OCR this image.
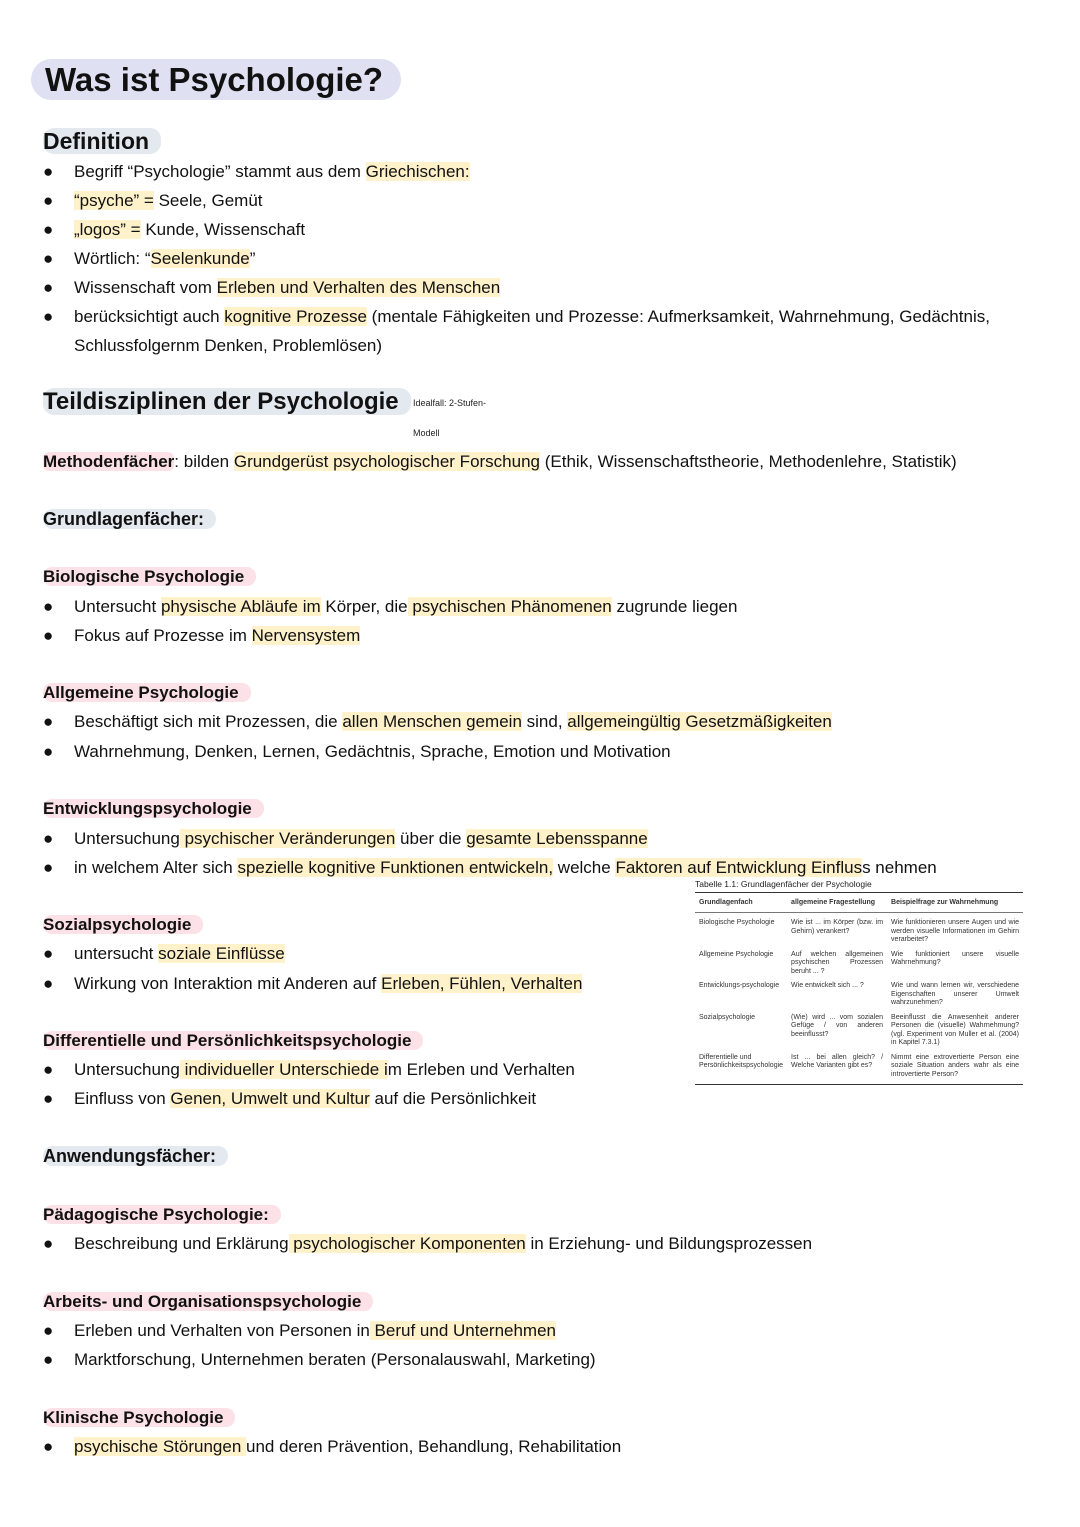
Was ist Psychologie?
Definition
●	Begriff “Psychologie” stammt aus dem Griechischen:
●	“psyche” = Seele, Gemüt
●	„logos” = Kunde, Wissenschaft
●	Wörtlich: “Seelenkunde”
●	Wissenschaft vom Erleben und Verhalten des Menschen
●	berücksichtigt auch kognitive Prozesse (mentale Fähigkeiten und Prozesse: Aufmerksamkeit, Wahrnehmung, Gedächtnis,
Schlussfolgernm Denken, Problemlösen)
Teildisziplinen der Psychologie	Idealfall: 2-Stufen-
Modell
Methodenfächer: bilden Grundgerüst psychologischer Forschung (Ethik, Wissenschaftstheorie, Methodenlehre, Statistik)
Grundlagenfächer:
Biologische Psychologie
●	Untersucht physische Abläufe im Körper, die psychischen Phänomenen zugrunde liegen
●	Fokus auf Prozesse im Nervensystem
Allgemeine Psychologie
●	Beschäftigt sich mit Prozessen, die allen Menschen gemein sind, allgemeingültig Gesetzmäßigkeiten
●	Wahrnehmung, Denken, Lernen, Gedächtnis, Sprache, Emotion und Motivation
Entwicklungspsychologie
●	Untersuchung psychischer Veränderungen über die gesamte Lebensspanne
●	in welchem Alter sich spezielle kognitive Funktionen entwickeln, welche Faktoren auf Entwicklung Einfluss nehmen
Sozialpsychologie
●	untersucht soziale Einflüsse
●	Wirkung von Interaktion mit Anderen auf Erleben, Fühlen, Verhalten
Differentielle und Persönlichkeitspsychologie
●	Untersuchung individueller Unterschiede im Erleben und Verhalten
●	Einfluss von Genen, Umwelt und Kultur auf die Persönlichkeit
Anwendungsfächer:
Pädagogische Psychologie:
●	Beschreibung und Erklärung psychologischer Komponenten in Erziehung- und Bildungsprozessen
Arbeits- und Organisationspsychologie
●	Erleben und Verhalten von Personen in Beruf und Unternehmen
●	Marktforschung, Unternehmen beraten (Personalauswahl, Marketing)
Klinische Psychologie
●	psychische Störungen und deren Prävention, Behandlung, Rehabilitation
Tabelle 1.1: Grundlagenfächer der Psychologie
Grundlagenfach	allgemeine Fragestellung	Beispielfrage zur Wahrnehmung
Biologische Psychologie	Wie ist ... im Körper (bzw. im Gehirn) verankert?	Wie funktionieren unsere Augen und wie werden visuelle Informationen im Gehirn verarbeitet?
Allgemeine Psychologie	Auf welchen allgemeinen psychischen Prozessen beruht ... ?	Wie funktioniert unsere visuelle Wahrnehmung?
Entwicklungs-psychologie	Wie entwickelt sich ... ?	Wie und wann lernen wir, verschiedene Eigenschaften unserer Umwelt wahrzunehmen?
Sozialpsychologie	(Wie) wird ... vom sozialen Gefüge / von anderen beeinflusst?	Beeinflusst die Anwesenheit anderer Personen die (visuelle) Wahrnehmung? (vgl. Experiment von Muller et al. (2004) in Kapitel 7.3.1)
Differentielle und Persönlichkeitspsychologie	Ist ... bei allen gleich? / Welche Varianten gibt es?	Nimmt eine extrovertierte Person eine soziale Situation anders wahr als eine introvertierte Person?
